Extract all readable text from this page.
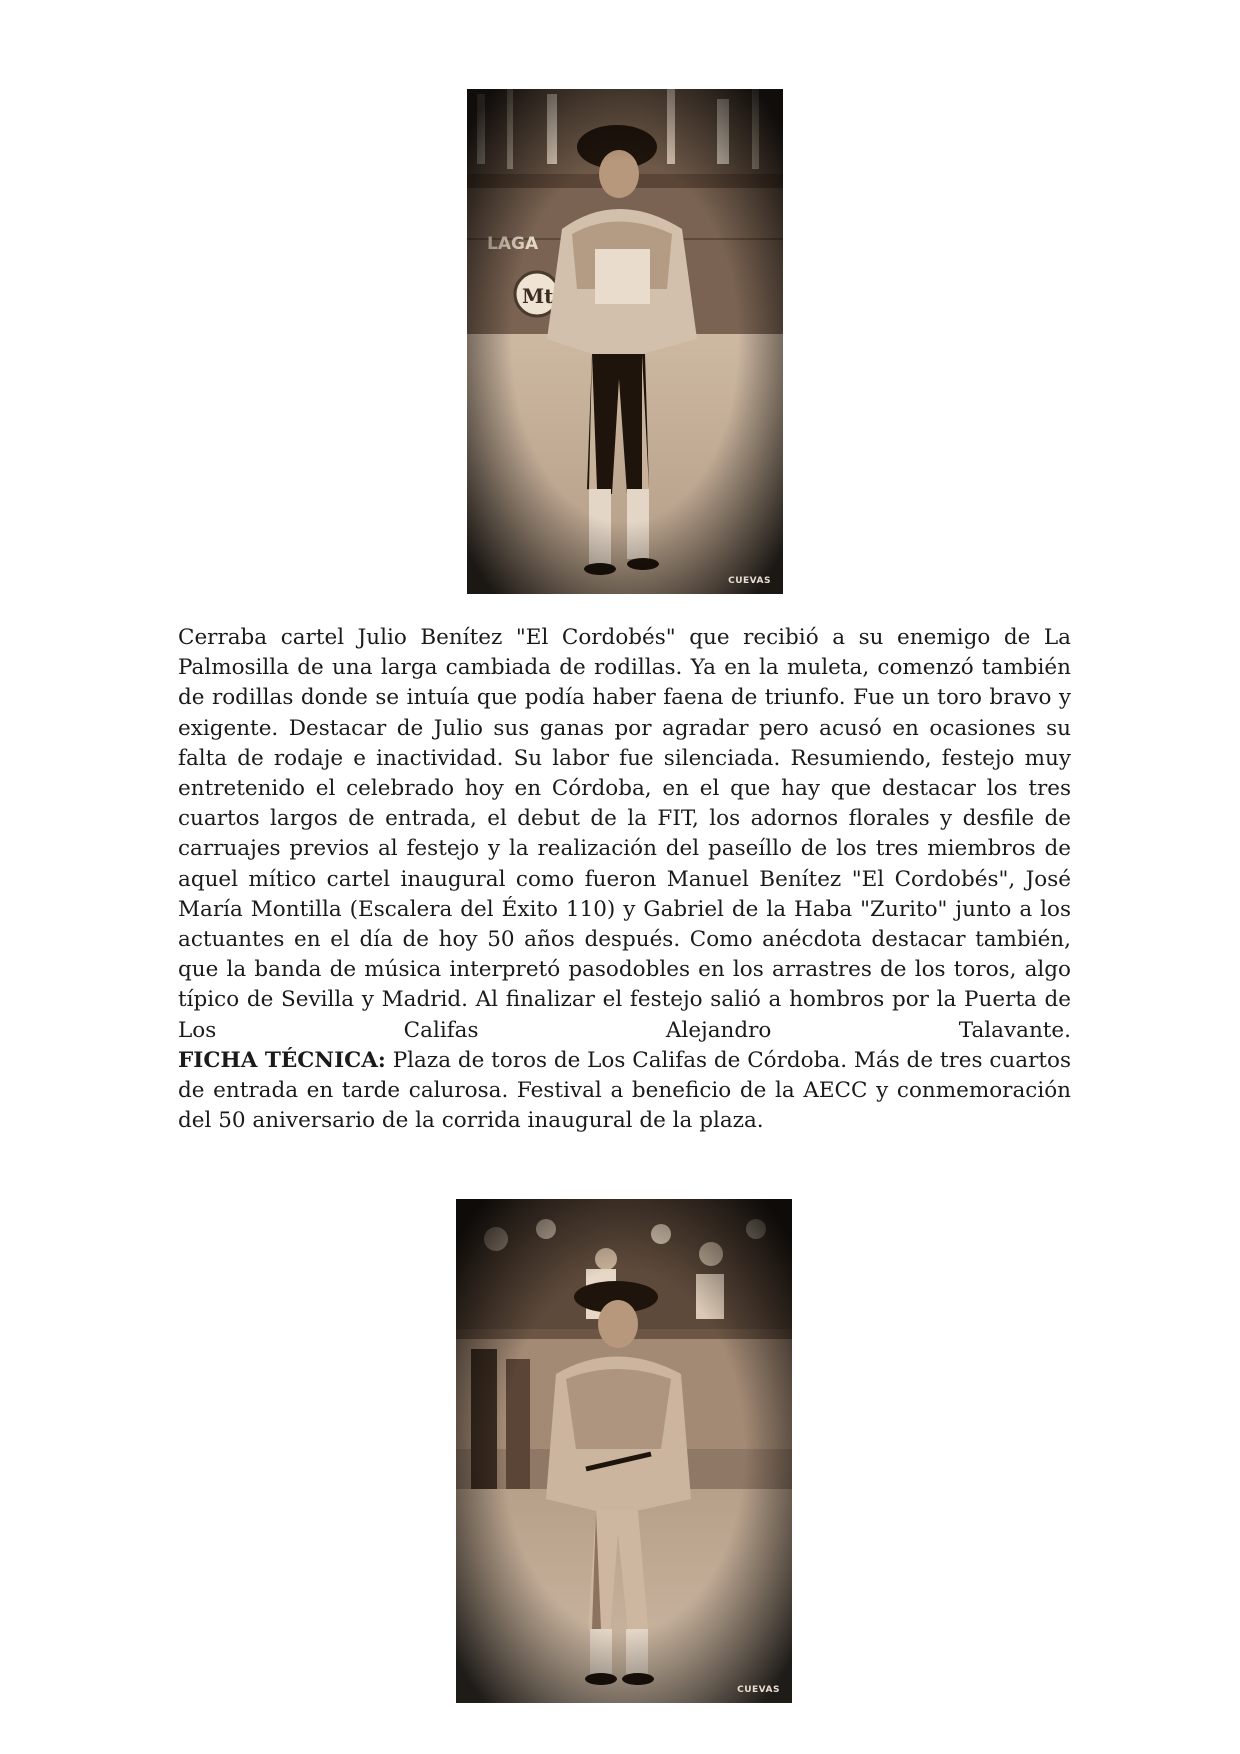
CUEVAS

Cerraba cartel Julio Benítez "El Cordobés" que recibió a su enemigo de La Palmosilla de una larga cambiada de rodillas. Ya en la muleta, comenzó también de rodillas donde se intuía que podía haber faena de triunfo. Fue un toro bravo y exigente. Destacar de Julio sus ganas por agradar pero acusó en ocasiones su falta de rodaje e inactividad. Su labor fue silenciada. Resumiendo, festejo muy entretenido el celebrado hoy en Córdoba, en el que hay que destacar los tres cuartos largos de entrada, el debut de la FIT, los adornos florales y desfile de carruajes previos al festejo y la realización del paseíllo de los tres miembros de aquel mítico cartel inaugural como fueron Manuel Benítez "El Cordobés", José María Montilla (Escalera del Éxito 110) y Gabriel de la Haba "Zurito" junto a los actuantes en el día de hoy 50 años después. Como anécdota destacar también, que la banda de música interpretó pasodobles en los arrastres de los toros, algo típico de Sevilla y Madrid. Al finalizar el festejo salió a hombros por la Puerta de Los Califas Alejandro Talavante.

FICHA TÉCNICA: Plaza de toros de Los Califas de Córdoba. Más de tres cuartos de entrada en tarde calurosa. Festival a beneficio de la AECC y conmemoración del 50 aniversario de la corrida inaugural de la plaza.

CUEVAS
